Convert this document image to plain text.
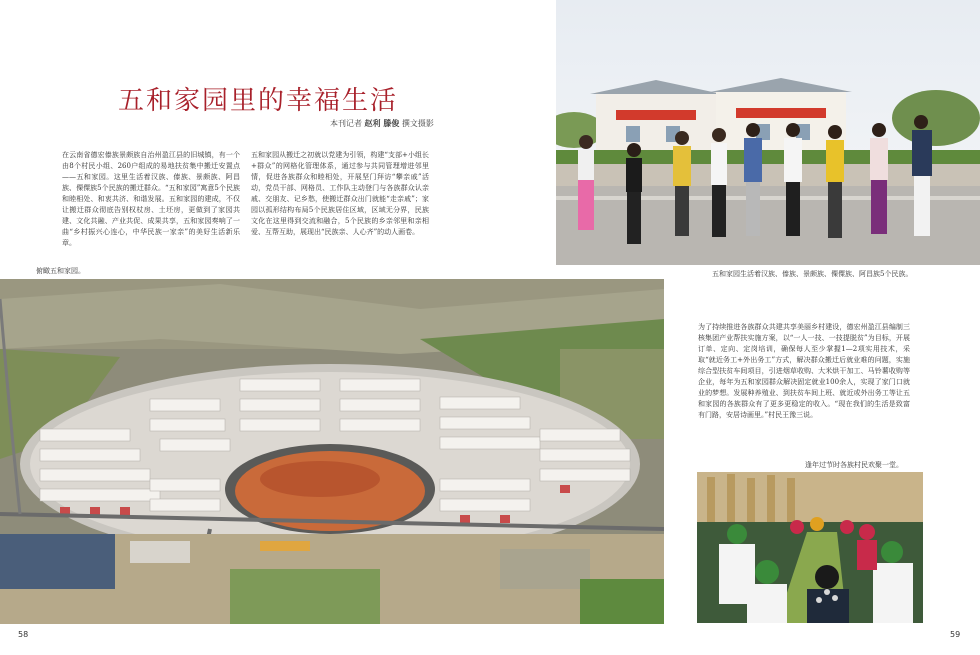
五和家园里的幸福生活
本刊记者 赵利 滕俊 撰文摄影
在云南省德宏傣族景颇族自治州盈江县的旧城镇，有一个由8个村民小组、260户组成的易地扶贫集中搬迁安置点——五和家园。这里生活着汉族、傣族、景颇族、阿昌族、傈僳族5个民族的搬迁群众。“五和家园”寓意5个民族和睦相处、和衷共济、和谐发展。五和家园的建成，不仅让搬迁群众彻底告别权杖房、土坯房，更做到了家园共建、文化共融、产业共促、成果共享，五和家园奏响了一曲“乡村振兴心连心，中华民族一家亲”的美好生活新乐章。
五和家园从搬迁之初就以党建为引领，构建“支部+小组长+群众”的网格化管理体系，通过参与共同管理增进邻里情，促进各族群众和睦相处，开展坚门拜访“攀亲戚”活动，党员干部、网格员、工作队主动登门与各族群众认亲戚、交朋友、记乡愁，使搬迁群众出门就能“走亲戚”；家园以孤形结构布局5个民族居住区域，区域无分界，民族文化在这里得到交流和融合，5个民族的乡亲邻里和亲相爱、互帮互助，展现出“民族亲、人心齐”的动人画卷。
为了持续推进各族群众共建共享美丽乡村建设，德宏州盈江县编制三核集团产业帮扶实施方案，以“一人一技、一技提脱贫”为目标，开展订单、定向、定岗培训，确保每人至少掌握1—2项实用技术，采取“就近务工+外出务工”方式，解决群众搬迁后就业难的问题，实施综合型扶贫车间项目，引进烟草收购、大米烘干加工、马铃薯收购等企业，每年为五和家园群众解决固定就业100余人，实现了家门口就业的梦想。发展种养殖业、到扶贫车间上班、就近或外出务工等让五和家园的各族群众有了更多更稳定的收入。“现在我们的生活是致富有门路，安居诗画里。”村民王豫三说。
俯瞰五和家园。	五和家园生活着汉族、傣族、景颇族、傈僳族、阿昌族5个民族。
逢年过节时各族村民欢聚一堂。
58	59
